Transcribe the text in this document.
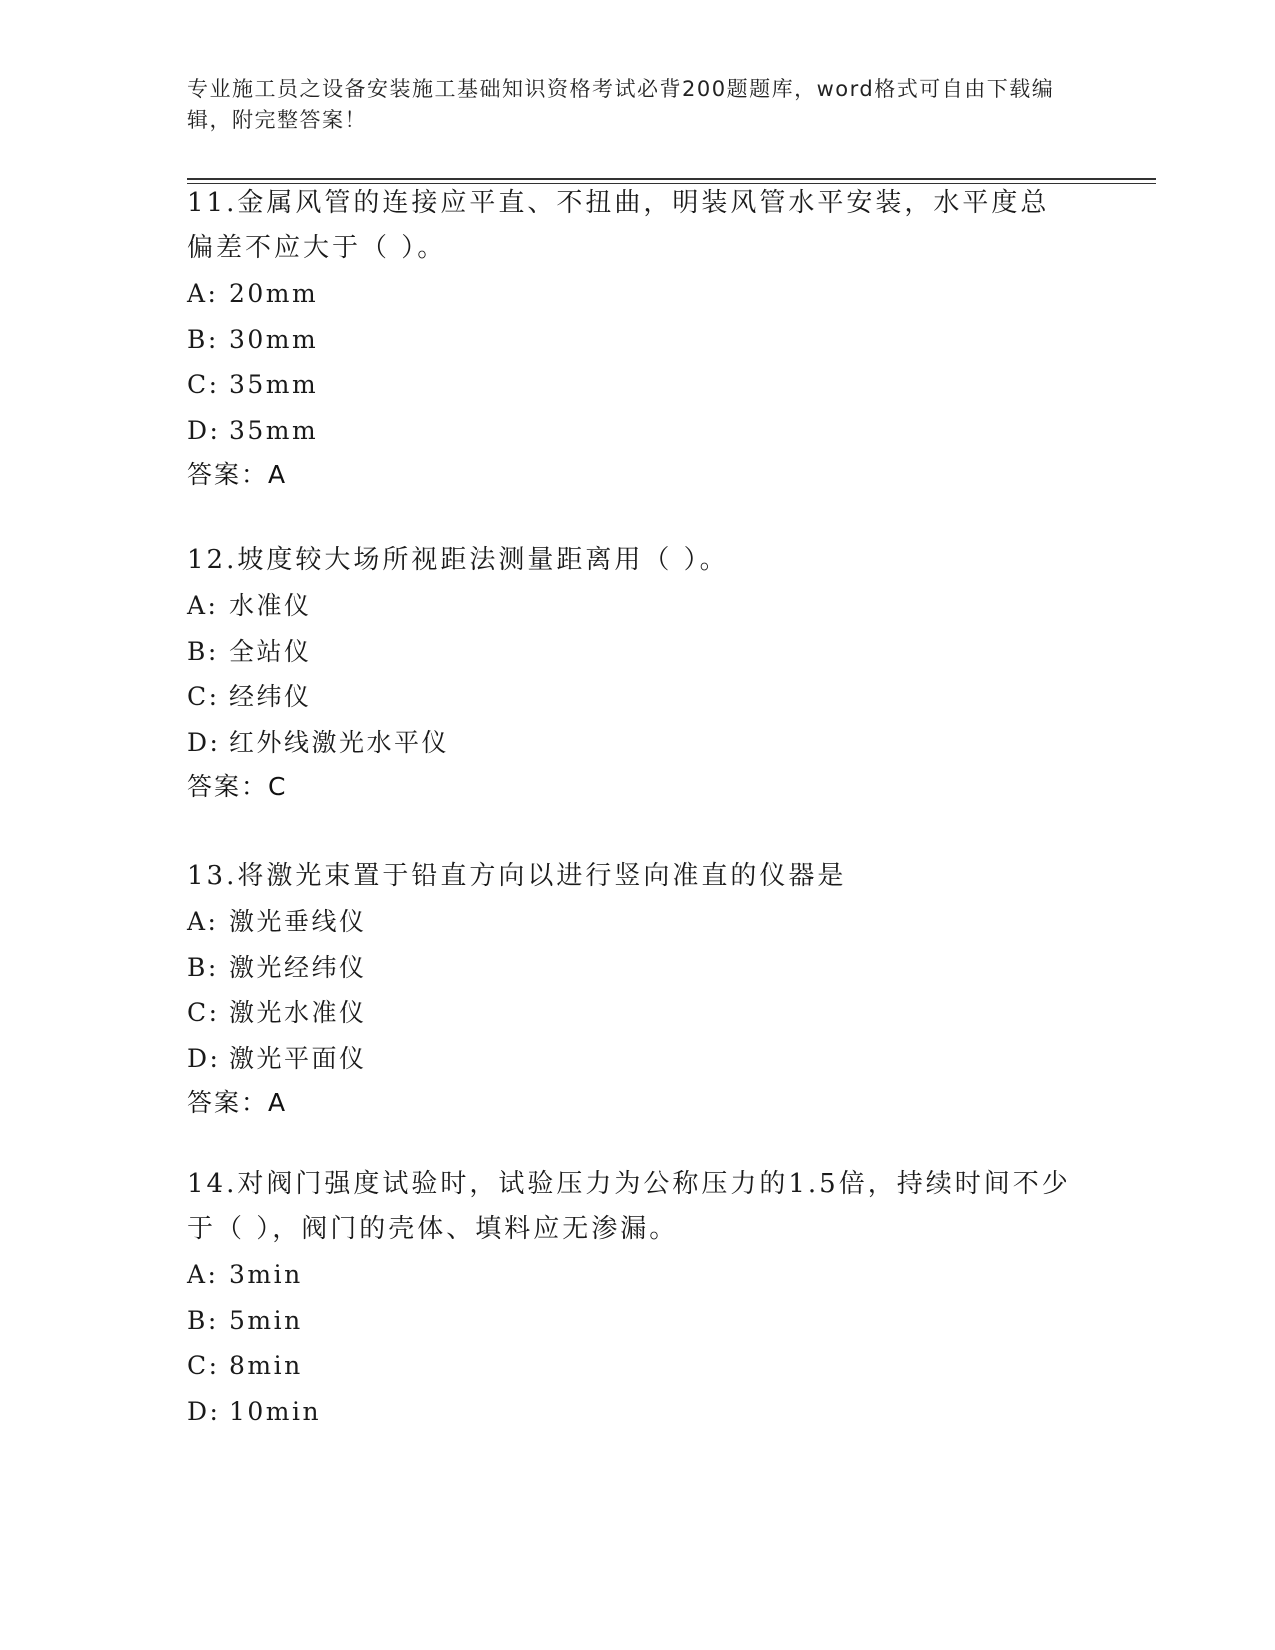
专业施工员之设备安装施工基础知识资格考试必背200题题库，word格式可自由下载编辑，附完整答案！

11.金属风管的连接应平直、不扭曲，明装风管水平安装，水平度总偏差不应大于（ ）。

A: 20mm
B: 30mm
C: 35mm
D: 35mm
答案：A

12.坡度较大场所视距法测量距离用（ ）。

A: 水准仪
B: 全站仪
C: 经纬仪
D: 红外线激光水平仪
答案：C

13.将激光束置于铅直方向以进行竖向准直的仪器是

A: 激光垂线仪
B: 激光经纬仪
C: 激光水准仪
D: 激光平面仪
答案：A

14.对阀门强度试验时，试验压力为公称压力的1.5倍，持续时间不少于（ ），阀门的壳体、填料应无渗漏。

A: 3min
B: 5min
C: 8min
D: 10min
